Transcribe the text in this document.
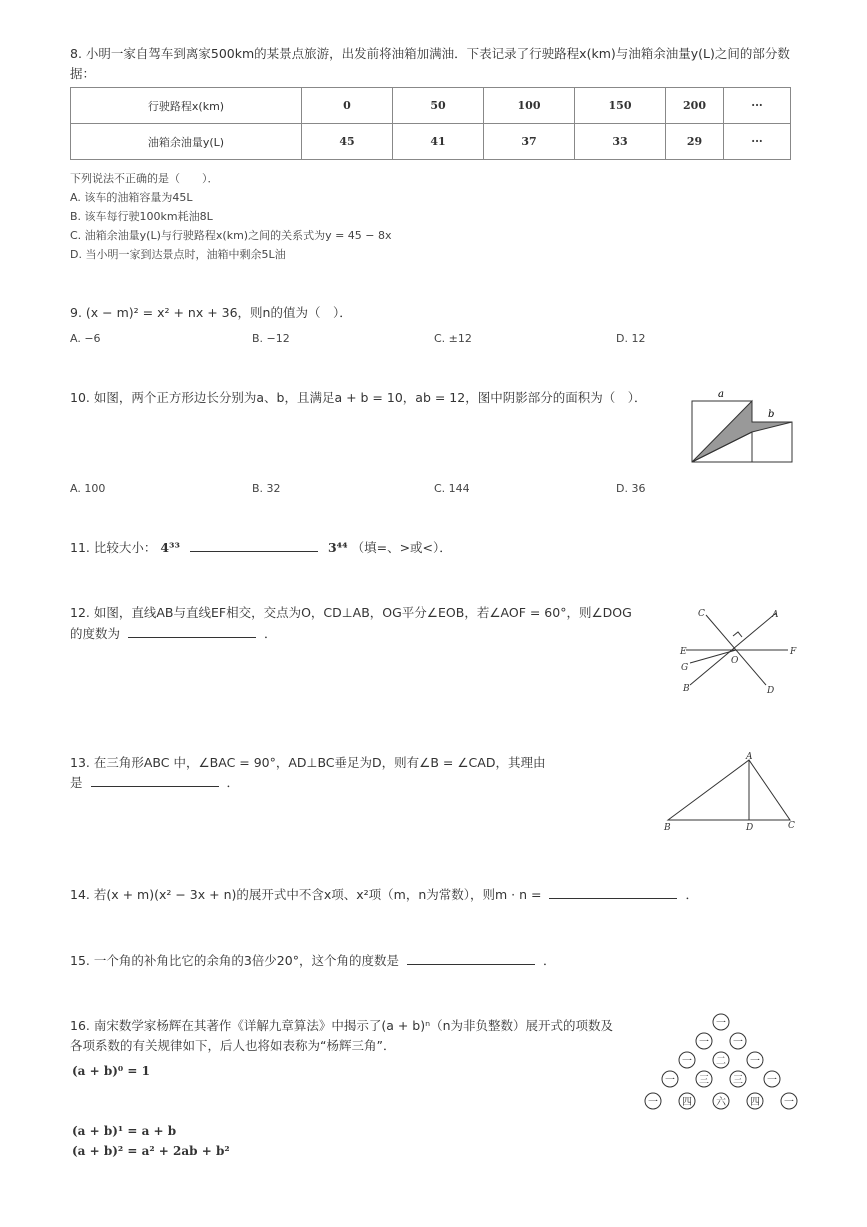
8. 小明一家自驾车到离家500km的某景点旅游，出发前将油箱加满油．下表记录了行驶路程x(km)与油箱余油量y(L)之间的部分数
据：
行驶路程x(km)	0	50	100	150	200	···
油箱余油量y(L)	45	41	37	33	29	···
下列说法不正确的是（　　）．
A. 该车的油箱容量为45L
B. 该车每行驶100km耗油8L
C. 油箱余油量y(L)与行驶路程x(km)之间的关系式为y = 45 − 8x
D. 当小明一家到达景点时，油箱中剩余5L油
9. (x − m)² = x² + nx + 36，则n的值为（　）．
A. −6	B. −12	C. ±12	D. 12
10. 如图，两个正方形边长分别为a、b，且满足a + b = 10，ab = 12，图中阴影部分的面积为（　）．	a
b
A. 100	B. 32	C. 144	D. 36
11. 比较大小： 4³³	3⁴⁴ （填=、>或<）．
12. 如图，直线AB与直线EF相交，交点为O，CD⊥AB，OG平分∠EOB，若∠AOF = 60°，则∠DOG
的度数为	．
C	A
E	F
G
O
B	D
13. 在三角形ABC 中，∠BAC = 90°，AD⊥BC垂足为D，则有∠B = ∠CAD，其理由
是	．
A
B	D	C
14. 若(x + m)(x² − 3x + n)的展开式中不含x项、x²项（m，n为常数），则m · n =	．
15. 一个角的补角比它的余角的3倍少20°，这个角的度数是	．
16. 南宋数学家杨辉在其著作《详解九章算法》中揭示了(a + b)ⁿ（n为非负整数）展开式的项数及
各项系数的有关规律如下，后人也将如表称为“杨辉三角”．
(a + b)⁰ = 1
(a + b)¹ = a + b
(a + b)² = a² + 2ab + b²
一
一 一
一 二 一
一 三 三 一
一 四 六 四 一
